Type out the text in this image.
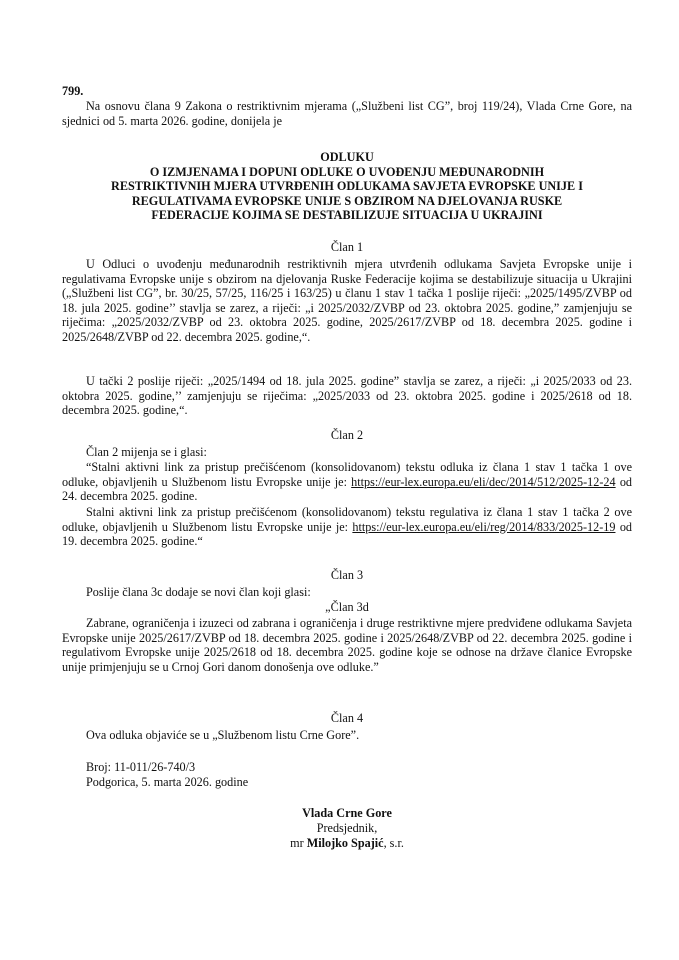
799.
Na osnovu člana 9 Zakona o restriktivnim mjerama („Službeni list CG”, broj 119/24), Vlada Crne Gore, na sjednici od 5. marta 2026. godine, donijela je
ODLUKU
O IZMJENAMA I DOPUNI ODLUKE O UVOĐENJU MEĐUNARODNIH
RESTRIKTIVNIH MJERA UTVRĐENIH ODLUKAMA SAVJETA EVROPSKE UNIJE I
REGULATIVAMA EVROPSKE UNIJE S OBZIROM NA DJELOVANJA RUSKE
FEDERACIJE KOJIMA SE DESTABILIZUJE SITUACIJA U UKRAJINI
Član 1
U Odluci o uvođenju međunarodnih restriktivnih mjera utvrđenih odlukama Savjeta Evropske unije i regulativama Evropske unije s obzirom na djelovanja Ruske Federacije kojima se destabilizuje situacija u Ukrajini („Službeni list CG”, br. 30/25, 57/25, 116/25 i 163/25) u članu 1 stav 1 tačka 1 poslije riječi: „2025/1495/ZVBP od 18. jula 2025. godine’’ stavlja se zarez, a riječi: „i 2025/2032/ZVBP od 23. oktobra 2025. godine,” zamjenjuju se riječima: „2025/2032/ZVBP od 23. oktobra 2025. godine, 2025/2617/ZVBP od 18. decembra 2025. godine i 2025/2648/ZVBP od 22. decembra 2025. godine,“.
U tački 2 poslije riječi: „2025/1494 od 18. jula 2025. godine” stavlja se zarez, a riječi: „i 2025/2033 od 23. oktobra 2025. godine,’’ zamjenjuju se riječima: „2025/2033 od 23. oktobra 2025. godine i 2025/2618 od 18. decembra 2025. godine,“.
Član 2
Član 2 mijenja se i glasi:
“Stalni aktivni link za pristup prečišćenom (konsolidovanom) tekstu odluka iz člana 1 stav 1 tačka 1 ove odluke, objavljenih u Službenom listu Evropske unije je: https://eur-lex.europa.eu/eli/dec/2014/512/2025-12-24 od 24. decembra 2025. godine.
Stalni aktivni link za pristup prečišćenom (konsolidovanom) tekstu regulativa iz člana 1 stav 1 tačka 2 ove odluke, objavljenih u Službenom listu Evropske unije je: https://eur-lex.europa.eu/eli/reg/2014/833/2025-12-19 od 19. decembra 2025. godine.“
Član 3
Poslije člana 3c dodaje se novi član koji glasi:
„Član 3d
Zabrane, ograničenja i izuzeci od zabrana i ograničenja i druge restriktivne mjere predviđene odlukama Savjeta Evropske unije 2025/2617/ZVBP od 18. decembra 2025. godine i 2025/2648/ZVBP od 22. decembra 2025. godine i regulativom Evropske unije 2025/2618 od 18. decembra 2025. godine koje se odnose na države članice Evropske unije primjenjuju se u Crnoj Gori danom donošenja ove odluke.”
Član 4
Ova odluka objaviće se u „Službenom listu Crne Gore”.
Broj: 11-011/26-740/3
Podgorica, 5. marta 2026. godine
Vlada Crne Gore
Predsjednik,
mr Milojko Spajić, s.r.
